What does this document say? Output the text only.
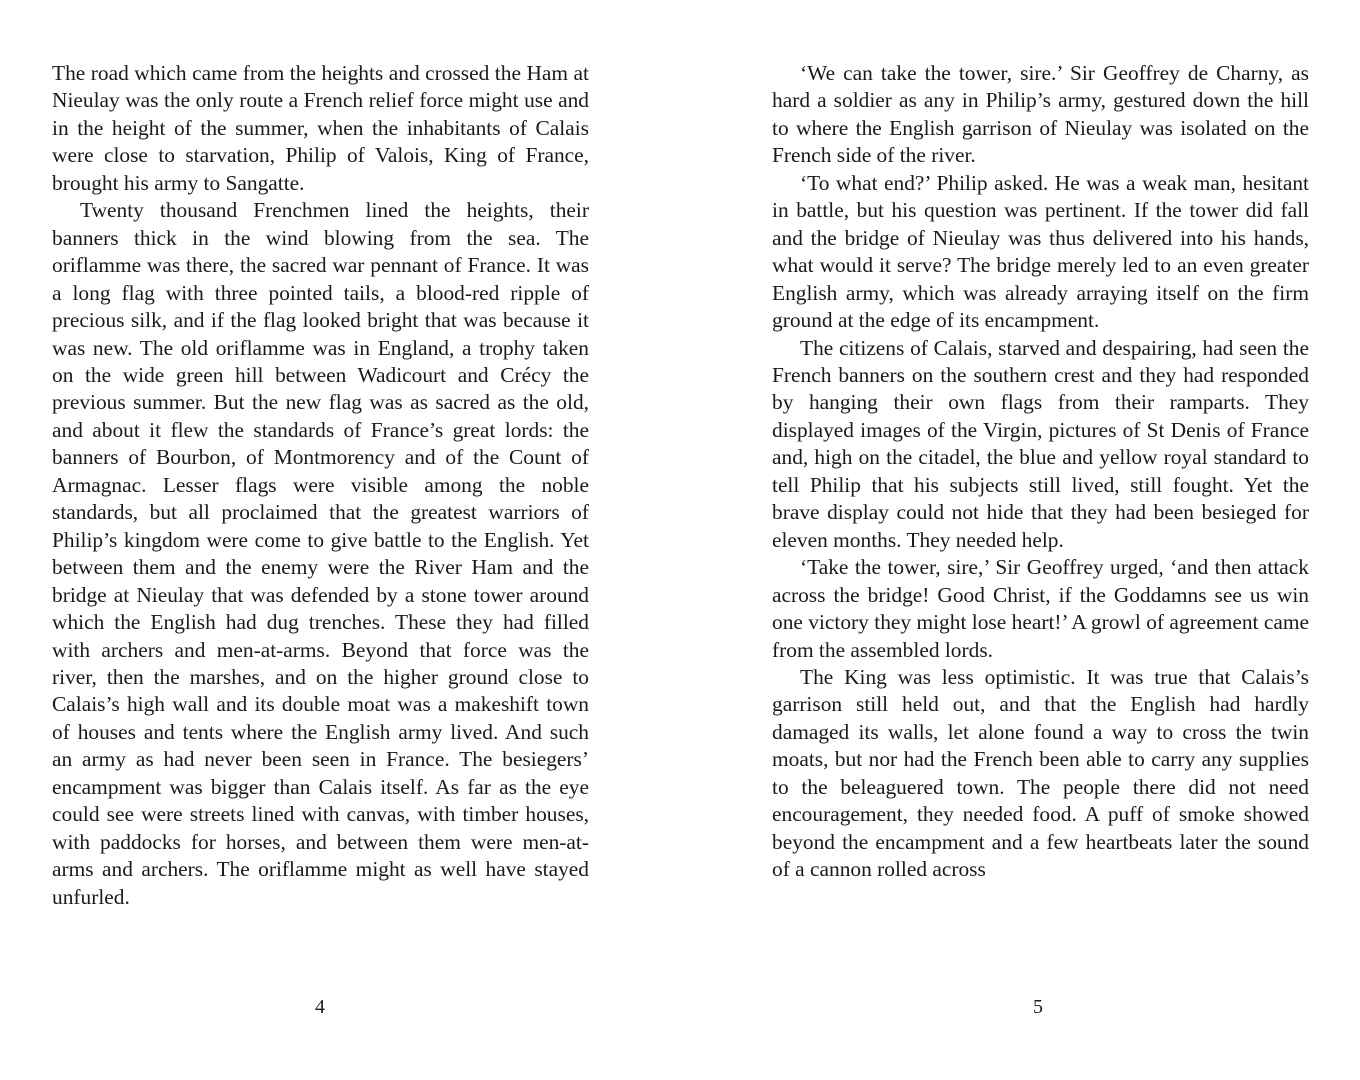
The road which came from the heights and crossed the Ham at Nieulay was the only route a French relief force might use and in the height of the summer, when the inhabitants of Calais were close to starvation, Philip of Valois, King of France, brought his army to Sangatte.

Twenty thousand Frenchmen lined the heights, their banners thick in the wind blowing from the sea. The oriflamme was there, the sacred war pennant of France. It was a long flag with three pointed tails, a blood-red ripple of precious silk, and if the flag looked bright that was because it was new. The old oriflamme was in England, a trophy taken on the wide green hill between Wadicourt and Crécy the previous summer. But the new flag was as sacred as the old, and about it flew the standards of France’s great lords: the banners of Bourbon, of Montmorency and of the Count of Armagnac. Lesser flags were visible among the noble standards, but all proclaimed that the greatest warriors of Philip’s kingdom were come to give battle to the English. Yet between them and the enemy were the River Ham and the bridge at Nieulay that was defended by a stone tower around which the English had dug trenches. These they had filled with archers and men-at-arms. Beyond that force was the river, then the marshes, and on the higher ground close to Calais’s high wall and its double moat was a makeshift town of houses and tents where the English army lived. And such an army as had never been seen in France. The besiegers’ encampment was bigger than Calais itself. As far as the eye could see were streets lined with canvas, with timber houses, with paddocks for horses, and between them were men-at-arms and archers. The oriflamme might as well have stayed unfurled.

4

‘We can take the tower, sire.’ Sir Geoffrey de Charny, as hard a soldier as any in Philip’s army, gestured down the hill to where the English garrison of Nieulay was isolated on the French side of the river.

‘To what end?’ Philip asked. He was a weak man, hesitant in battle, but his question was pertinent. If the tower did fall and the bridge of Nieulay was thus delivered into his hands, what would it serve? The bridge merely led to an even greater English army, which was already arraying itself on the firm ground at the edge of its encampment.

The citizens of Calais, starved and despairing, had seen the French banners on the southern crest and they had responded by hanging their own flags from their ramparts. They displayed images of the Virgin, pictures of St Denis of France and, high on the citadel, the blue and yellow royal standard to tell Philip that his subjects still lived, still fought. Yet the brave display could not hide that they had been besieged for eleven months. They needed help.

‘Take the tower, sire,’ Sir Geoffrey urged, ‘and then attack across the bridge! Good Christ, if the Goddamns see us win one victory they might lose heart!’ A growl of agreement came from the assembled lords.

The King was less optimistic. It was true that Calais’s garrison still held out, and that the English had hardly damaged its walls, let alone found a way to cross the twin moats, but nor had the French been able to carry any supplies to the beleaguered town. The people there did not need encouragement, they needed food. A puff of smoke showed beyond the encampment and a few heartbeats later the sound of a cannon rolled across

5
